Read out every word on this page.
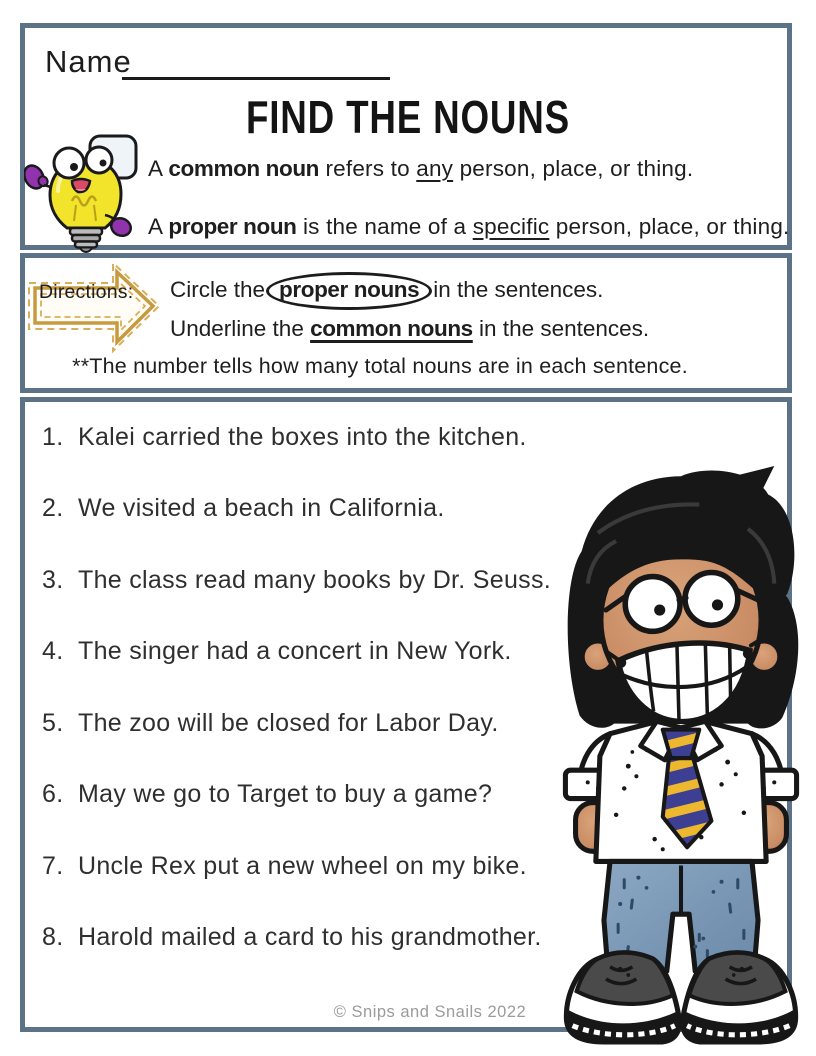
Name
FIND THE NOUNS
A common noun refers to any person, place, or thing.
A proper noun is the name of a specific person, place, or thing.
Directions: Circle the proper nouns in the sentences.
Underline the common nouns in the sentences.
**The number tells how many total nouns are in each sentence.
1. Kalei carried the boxes into the kitchen.
2. We visited a beach in California.
3. The class read many books by Dr. Seuss.
4. The singer had a concert in New York.
5. The zoo will be closed for Labor Day.
6. May we go to Target to buy a game?
7. Uncle Rex put a new wheel on my bike.
8. Harold mailed a card to his grandmother.
© Snips and Snails 2022
